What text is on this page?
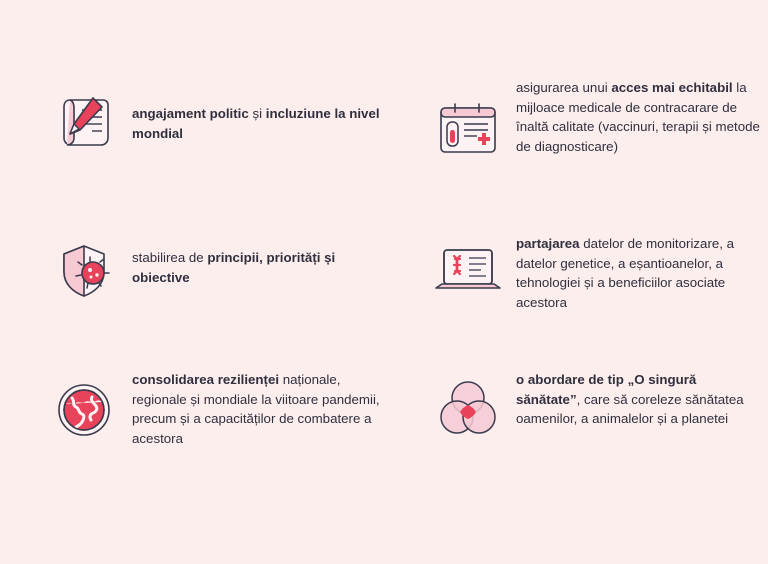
angajament politic și incluziune la nivel mondial
asigurarea unui acces mai echitabil la mijloace medicale de contracarare de înaltă calitate (vaccinuri, terapii și metode de diagnosticare)
stabilirea de principii, priorități și obiective
partajarea datelor de monitorizare, a datelor genetice, a eșantioanelor, a tehnologiei și a beneficiilor asociate acestora
consolidarea rezilienței naționale, regionale și mondiale la viitoare pandemii, precum și a capacităților de combatere a acestora
o abordare de tip „O singură sănătate”, care să coreleze sănătatea oamenilor, a animalelor și a planetei
